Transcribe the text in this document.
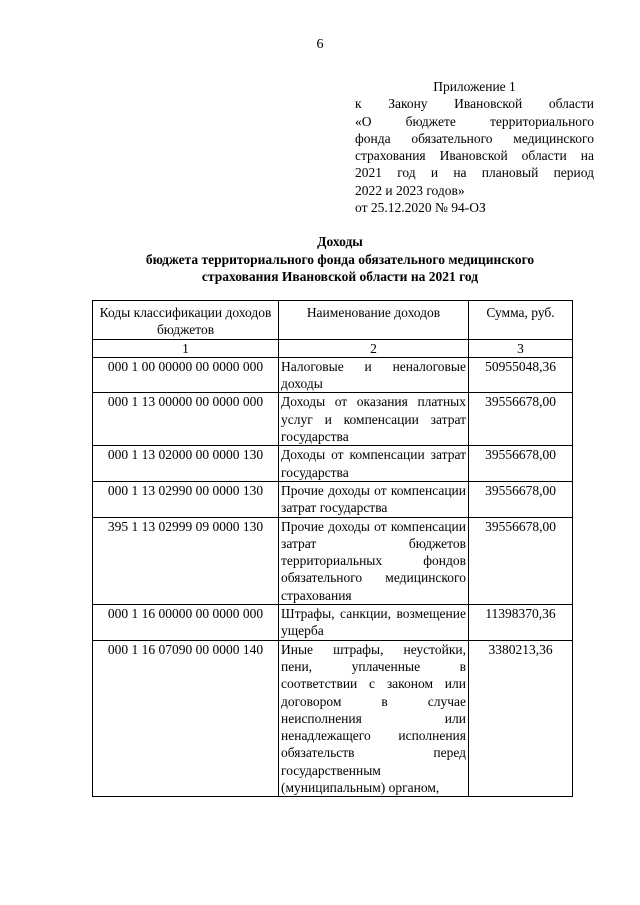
6
Приложение 1
к Закону Ивановской области
«О бюджете территориального
фонда обязательного медицинского
страхования Ивановской области на
2021 год и на плановый период
2022 и 2023 годов»
от 25.12.2020 № 94-ОЗ
Доходы
бюджета территориального фонда обязательного медицинского
страхования Ивановской области на 2021 год
Коды классификации доходов бюджетов	Наименование доходов	Сумма, руб.
1	2	3
000 1 00 00000 00 0000 000	Налоговые и неналоговые доходы	50955048,36
000 1 13 00000 00 0000 000	Доходы от оказания платных услуг и компенсации затрат государства	39556678,00
000 1 13 02000 00 0000 130	Доходы от компенсации затрат государства	39556678,00
000 1 13 02990 00 0000 130	Прочие доходы от компенсации затрат государства	39556678,00
395 1 13 02999 09 0000 130	Прочие доходы от компенсации затрат бюджетов территориальных фондов обязательного медицинского страхования	39556678,00
000 1 16 00000 00 0000 000	Штрафы, санкции, возмещение ущерба	11398370,36
000 1 16 07090 00 0000 140	Иные штрафы, неустойки, пени, уплаченные в соответствии с законом или договором в случае неисполнения или ненадлежащего исполнения обязательств перед государственным (муниципальным) органом,	3380213,36
